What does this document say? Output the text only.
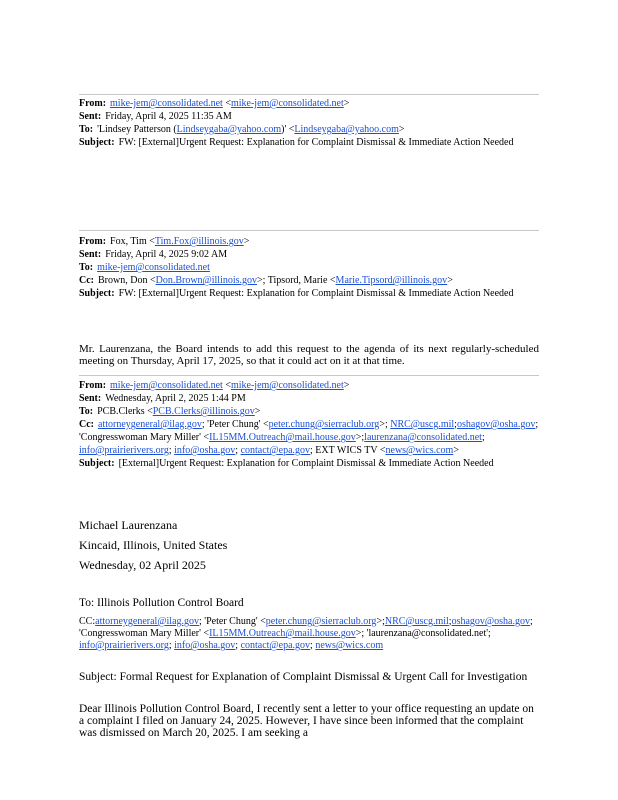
From: mike-jem@consolidated.net <mike-jem@consolidated.net>
Sent: Friday, April 4, 2025 11:35 AM
To: 'Lindsey Patterson (Lindseygaba@yahoo.com)' <Lindseygaba@yahoo.com>
Subject: FW: [External]Urgent Request: Explanation for Complaint Dismissal & Immediate Action Needed
From: Fox, Tim <Tim.Fox@illinois.gov>
Sent: Friday, April 4, 2025 9:02 AM
To: mike-jem@consolidated.net
Cc: Brown, Don <Don.Brown@illinois.gov>; Tipsord, Marie <Marie.Tipsord@illinois.gov>
Subject: FW: [External]Urgent Request: Explanation for Complaint Dismissal & Immediate Action Needed
Mr. Laurenzana, the Board intends to add this request to the agenda of its next regularly-scheduled meeting on Thursday, April 17, 2025, so that it could act on it at that time.
From: mike-jem@consolidated.net <mike-jem@consolidated.net>
Sent: Wednesday, April 2, 2025 1:44 PM
To: PCB.Clerks <PCB.Clerks@illinois.gov>
Cc: attorneygeneral@ilag.gov; 'Peter Chung' <peter.chung@sierraclub.org>; NRC@uscg.mil;oshagov@osha.gov; 'Congresswoman Mary Miller' <IL15MM.Outreach@mail.house.gov>;laurenzana@consolidated.net; info@prairierivers.org; info@osha.gov; contact@epa.gov; EXT WICS TV <news@wics.com>
Subject: [External]Urgent Request: Explanation for Complaint Dismissal & Immediate Action Needed
Michael Laurenzana
Kincaid, Illinois, United States
Wednesday, 02 April 2025
To: Illinois Pollution Control Board
CC:attorneygeneral@ilag.gov; 'Peter Chung' <peter.chung@sierraclub.org>;NRC@uscg.mil;oshagov@osha.gov; 'Congresswoman Mary Miller' <IL15MM.Outreach@mail.house.gov>; 'laurenzana@consolidated.net'; info@prairierivers.org; info@osha.gov; contact@epa.gov; news@wics.com
Subject: Formal Request for Explanation of Complaint Dismissal & Urgent Call for Investigation
Dear Illinois Pollution Control Board, I recently sent a letter to your office requesting an update on a complaint I filed on January 24, 2025. However, I have since been informed that the complaint was dismissed on March 20, 2025. I am seeking a
